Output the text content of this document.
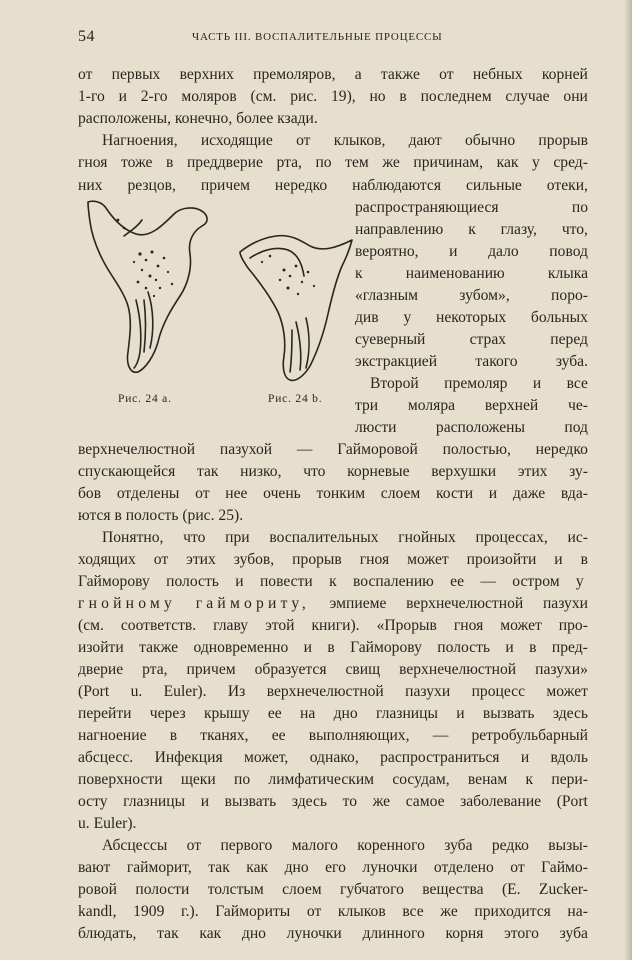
54	ЧАСТЬ III. ВОСПАЛИТЕЛЬНЫЕ ПРОЦЕССЫ
от первых верхних премоляров, а также от небных корней
1-го и 2-го моляров (см. рис. 19), но в последнем случае они
расположены, конечно, более кзади.
Нагноения, исходящие от клыков, дают обычно прорыв
гноя тоже в преддверие рта, по тем же причинам, как у сред-
них резцов, причем нередко наблюдаются сильные отеки,
распространяющиеся	по
направлению к глазу, что,
вероятно, и дало повод
к	наименованию	клыка
«глазным	зубом»,	поро-
див у некоторых больных
суеверный	страх	перед
экстракцией такого зуба.
Второй премоляр и все
три моляра верхней че-
люсти	расположены	под
верхнечелюстной пазухой — Гайморовой полостью, нередко
спускающейся так низко, что корневые верхушки этих зу-
бов отделены от нее очень тонким слоем кости и даже вда-
ются в полость (рис. 25).
Понятно, что при воспалительных гнойных процессах, ис-
ходящих от этих зубов, прорыв гноя может произойти и в
Гайморову полость и повести к воспалению ее — остром у
гнойному гаймориту, эмпиеме верхнечелюстной пазухи
(см. соответств. главу этой книги). «Прорыв гноя может про-
изойти также одновременно и в Гайморову полость и в пред-
дверие рта, причем образуется свищ верхнечелюстной пазухи»
(Port u. Euler). Из верхнечелюстной пазухи процесс может
перейти через крышу ее на дно глазницы и вызвать здесь
нагноение в тканях, ее выполняющих, — ретробульбарный
абсцесс. Инфекция может, однако, распространиться и вдоль
поверхности щеки по лимфатическим сосудам, венам к пери-
осту глазницы и вызвать здесь то же самое заболевание (Port
u. Euler).
Абсцессы от первого малого коренного зуба редко вызы-
вают гайморит, так как дно его луночки отделено от Гаймо-
ровой полости толстым слоем губчатого вещества (E. Zucker-
kandl, 1909 г.). Гаймориты от клыков все же приходится на-
блюдать, так как дно луночки длинного корня этого зуба
Рис. 24 a.	Рис. 24 b.
